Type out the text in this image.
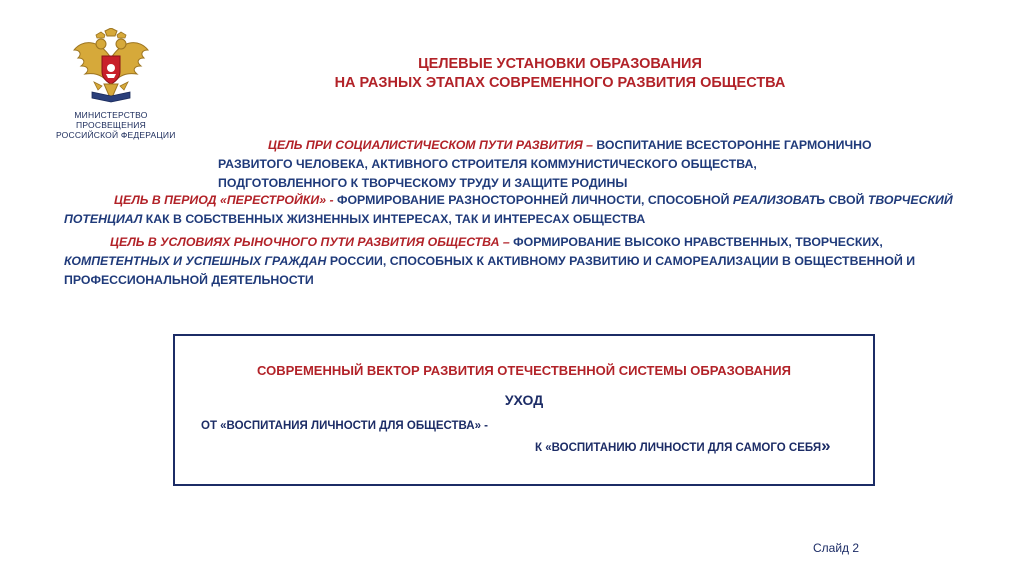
МИНИСТЕРСТВО
ПРОСВЕЩЕНИЯ
РОССИЙСКОЙ ФЕДЕРАЦИИ
ЦЕЛЕВЫЕ УСТАНОВКИ ОБРАЗОВАНИЯ
НА РАЗНЫХ ЭТАПАХ СОВРЕМЕННОГО РАЗВИТИЯ ОБЩЕСТВА
ЦЕЛЬ ПРИ СОЦИАЛИСТИЧЕСКОМ ПУТИ РАЗВИТИЯ – ВОСПИТАНИЕ ВСЕСТОРОННЕ ГАРМОНИЧНО
РАЗВИТОГО ЧЕЛОВЕКА, АКТИВНОГО СТРОИТЕЛЯ КОММУНИСТИЧЕСКОГО ОБЩЕСТВА,
ПОДГОТОВЛЕННОГО К ТВОРЧЕСКОМУ ТРУДУ И ЗАЩИТЕ РОДИНЫ
ЦЕЛЬ В ПЕРИОД «ПЕРЕСТРОЙКИ» - ФОРМИРОВАНИЕ РАЗНОСТОРОННЕЙ ЛИЧНОСТИ, СПОСОБНОЙ РЕАЛИЗОВАТЬ СВОЙ ТВОРЧЕСКИЙ
ПОТЕНЦИАЛ КАК В СОБСТВЕННЫХ ЖИЗНЕННЫХ ИНТЕРЕСАХ, ТАК И ИНТЕРЕСАХ ОБЩЕСТВА
ЦЕЛЬ В УСЛОВИЯХ РЫНОЧНОГО ПУТИ РАЗВИТИЯ ОБЩЕСТВА – ФОРМИРОВАНИЕ ВЫСОКО НРАВСТВЕННЫХ, ТВОРЧЕСКИХ,
КОМПЕТЕНТНЫХ И УСПЕШНЫХ ГРАЖДАН РОССИИ, СПОСОБНЫХ К АКТИВНОМУ РАЗВИТИЮ И САМОРЕАЛИЗАЦИИ В ОБЩЕСТВЕННОЙ И
ПРОФЕССИОНАЛЬНОЙ ДЕЯТЕЛЬНОСТИ
СОВРЕМЕННЫЙ ВЕКТОР РАЗВИТИЯ ОТЕЧЕСТВЕННОЙ СИСТЕМЫ ОБРАЗОВАНИЯ
УХОД
ОТ «ВОСПИТАНИЯ ЛИЧНОСТИ ДЛЯ ОБЩЕСТВА» -
К «ВОСПИТАНИЮ ЛИЧНОСТИ ДЛЯ САМОГО СЕБЯ»
Слайд 2
